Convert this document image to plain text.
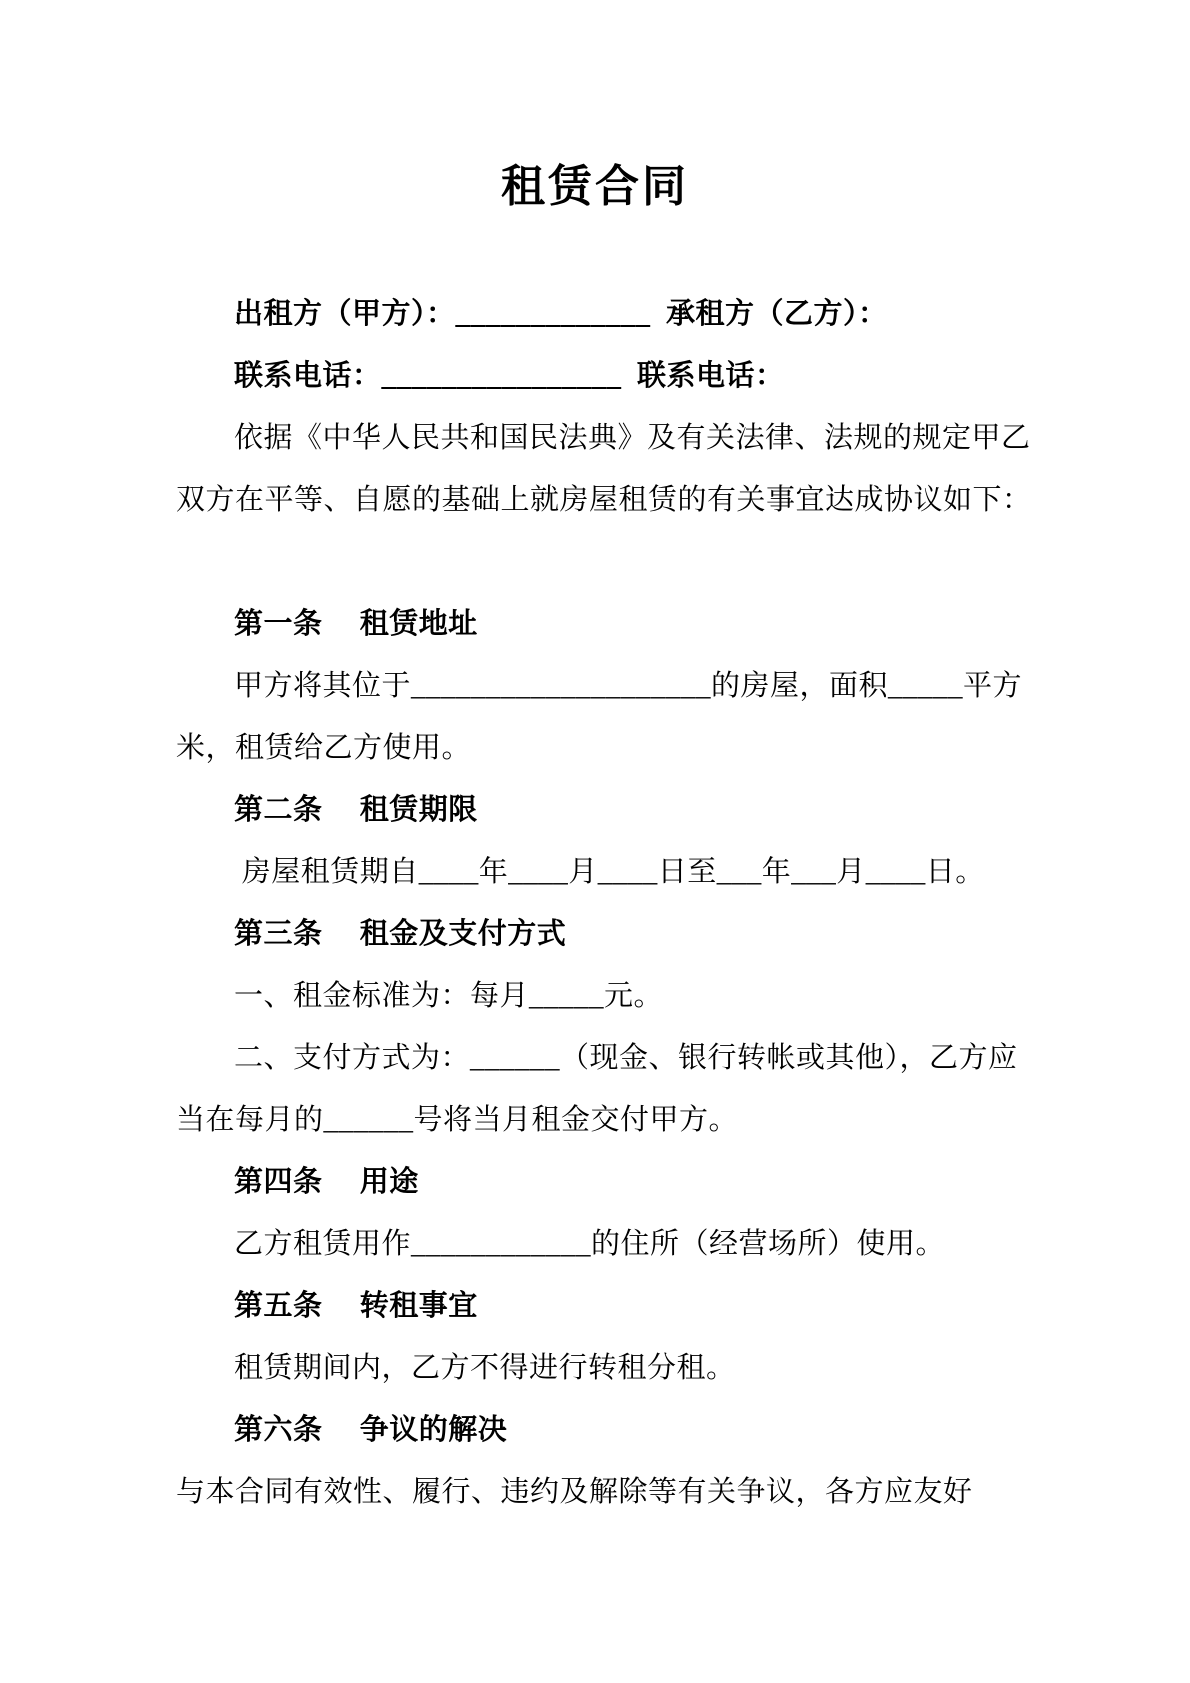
租赁合同

出租方（甲方）：_____________  承租方（乙方）：

联系电话：________________  联系电话：

依据《中华人民共和国民法典》及有关法律、法规的规定甲乙

双方在平等、自愿的基础上就房屋租赁的有关事宜达成协议如下：

第一条　 租赁地址

甲方将其位于____________________的房屋，面积_____平方

米，租赁给乙方使用。

第二条　 租赁期限

房屋租赁期自____年____月____日至___年___月____日。

第三条　 租金及支付方式

一、租金标准为：每月_____元。

二、支付方式为：______（现金、银行转帐或其他），乙方应

当在每月的______号将当月租金交付甲方。

第四条　 用途

乙方租赁用作____________的住所（经营场所）使用。

第五条　 转租事宜

租赁期间内，乙方不得进行转租分租。

第六条　 争议的解决

与本合同有效性、履行、违约及解除等有关争议，各方应友好
